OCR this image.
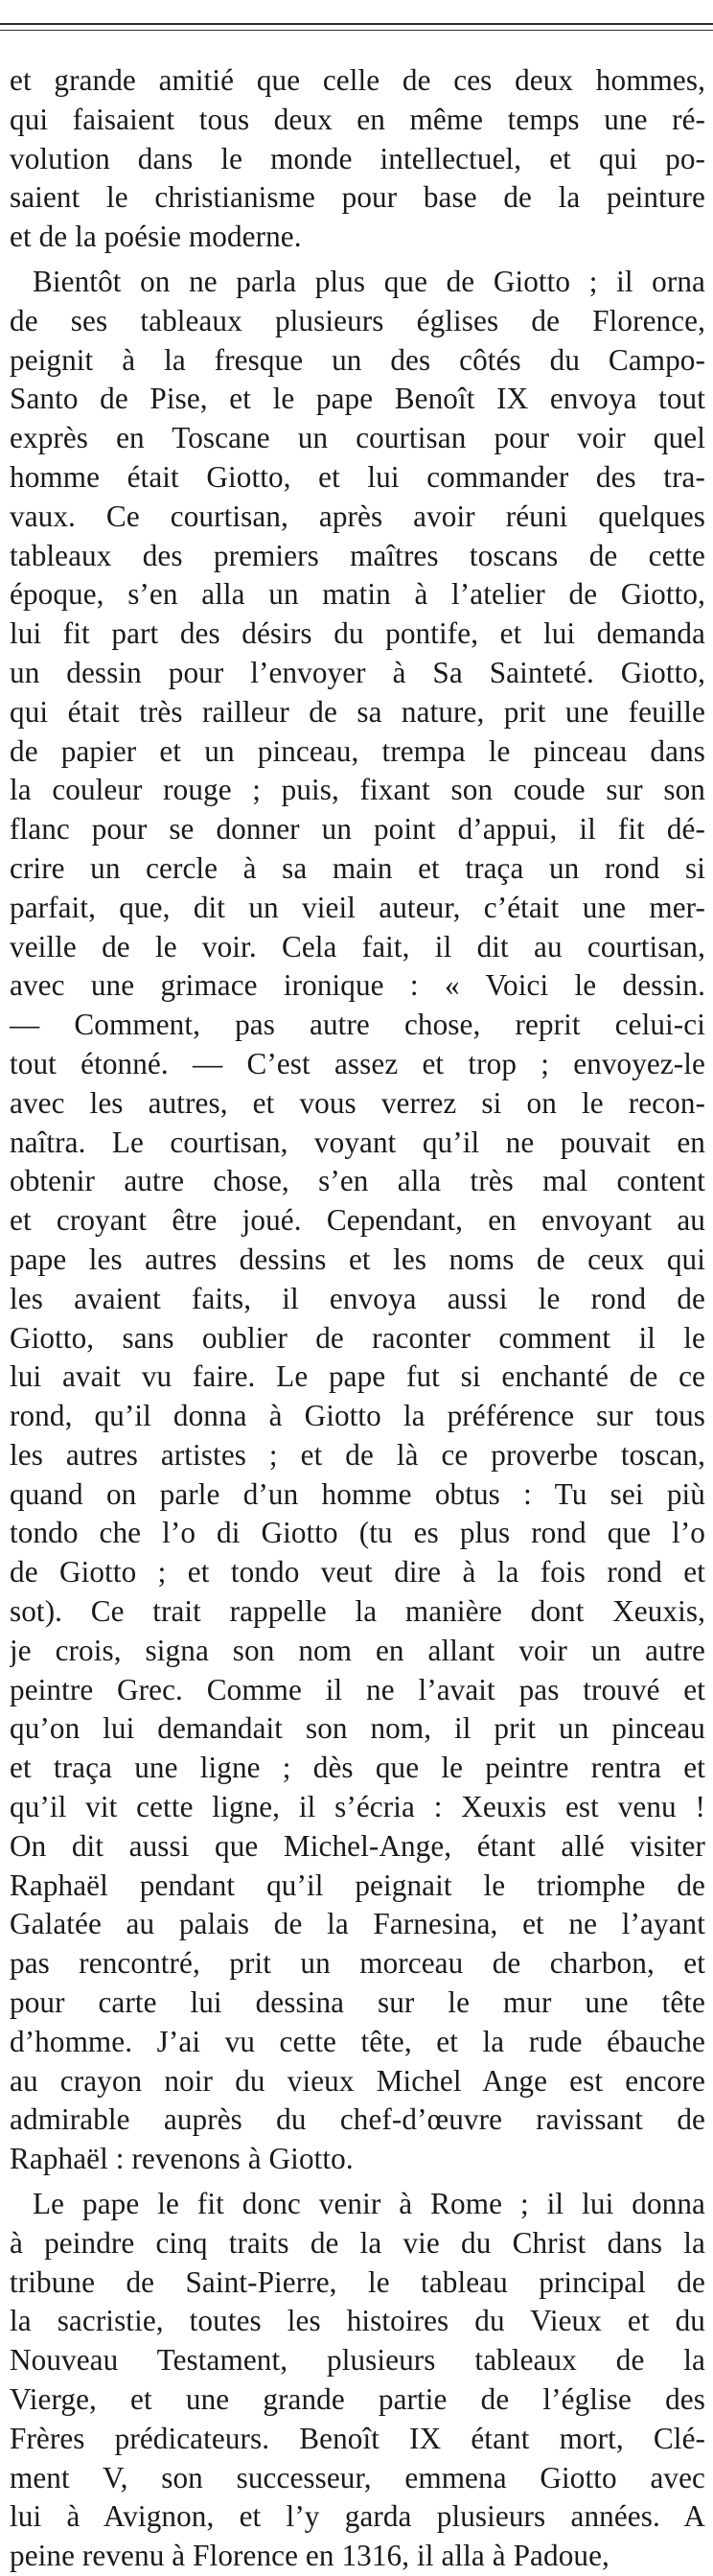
et grande amitié que celle de ces deux hommes,
qui faisaient tous deux en même temps une ré-
volution dans le monde intellectuel, et qui po-
saient le christianisme pour base de la peinture
et de la poésie moderne.
Bientôt on ne parla plus que de Giotto ; il orna
de ses tableaux plusieurs églises de Florence,
peignit à la fresque un des côtés du Campo-
Santo de Pise, et le pape Benoît IX envoya tout
exprès en Toscane un courtisan pour voir quel
homme était Giotto, et lui commander des tra-
vaux. Ce courtisan, après avoir réuni quelques
tableaux des premiers maîtres toscans de cette
époque, s’en alla un matin à l’atelier de Giotto,
lui fit part des désirs du pontife, et lui demanda
un dessin pour l’envoyer à Sa Sainteté. Giotto,
qui était très railleur de sa nature, prit une feuille
de papier et un pinceau, trempa le pinceau dans
la couleur rouge ; puis, fixant son coude sur son
flanc pour se donner un point d’appui, il fit dé-
crire un cercle à sa main et traça un rond si
parfait, que, dit un vieil auteur, c’était une mer-
veille de le voir. Cela fait, il dit au courtisan,
avec une grimace ironique : « Voici le dessin.
— Comment, pas autre chose, reprit celui-ci
tout étonné. — C’est assez et trop ; envoyez-le
avec les autres, et vous verrez si on le recon-
naîtra. Le courtisan, voyant qu’il ne pouvait en
obtenir autre chose, s’en alla très mal content
et croyant être joué. Cependant, en envoyant au
pape les autres dessins et les noms de ceux qui
les avaient faits, il envoya aussi le rond de
Giotto, sans oublier de raconter comment il le
lui avait vu faire. Le pape fut si enchanté de ce
rond, qu’il donna à Giotto la préférence sur tous
les autres artistes ; et de là ce proverbe toscan,
quand on parle d’un homme obtus : Tu sei più
tondo che l’o di Giotto (tu es plus rond que l’o
de Giotto ; et tondo veut dire à la fois rond et
sot). Ce trait rappelle la manière dont Xeuxis,
je crois, signa son nom en allant voir un autre
peintre Grec. Comme il ne l’avait pas trouvé et
qu’on lui demandait son nom, il prit un pinceau
et traça une ligne ; dès que le peintre rentra et
qu’il vit cette ligne, il s’écria : Xeuxis est venu !
On dit aussi que Michel-Ange, étant allé visiter
Raphaël pendant qu’il peignait le triomphe de
Galatée au palais de la Farnesina, et ne l’ayant
pas rencontré, prit un morceau de charbon, et
pour carte lui dessina sur le mur une tête
d’homme. J’ai vu cette tête, et la rude ébauche
au crayon noir du vieux Michel Ange est encore
admirable auprès du chef-d’œuvre ravissant de
Raphaël : revenons à Giotto.
Le pape le fit donc venir à Rome ; il lui donna
à peindre cinq traits de la vie du Christ dans la
tribune de Saint-Pierre, le tableau principal de
la sacristie, toutes les histoires du Vieux et du
Nouveau Testament, plusieurs tableaux de la
Vierge, et une grande partie de l’église des
Frères prédicateurs. Benoît IX étant mort, Clé-
ment V, son successeur, emmena Giotto avec
lui à Avignon, et l’y garda plusieurs années. A
peine revenu à Florence en 1316, il alla à Padoue,
